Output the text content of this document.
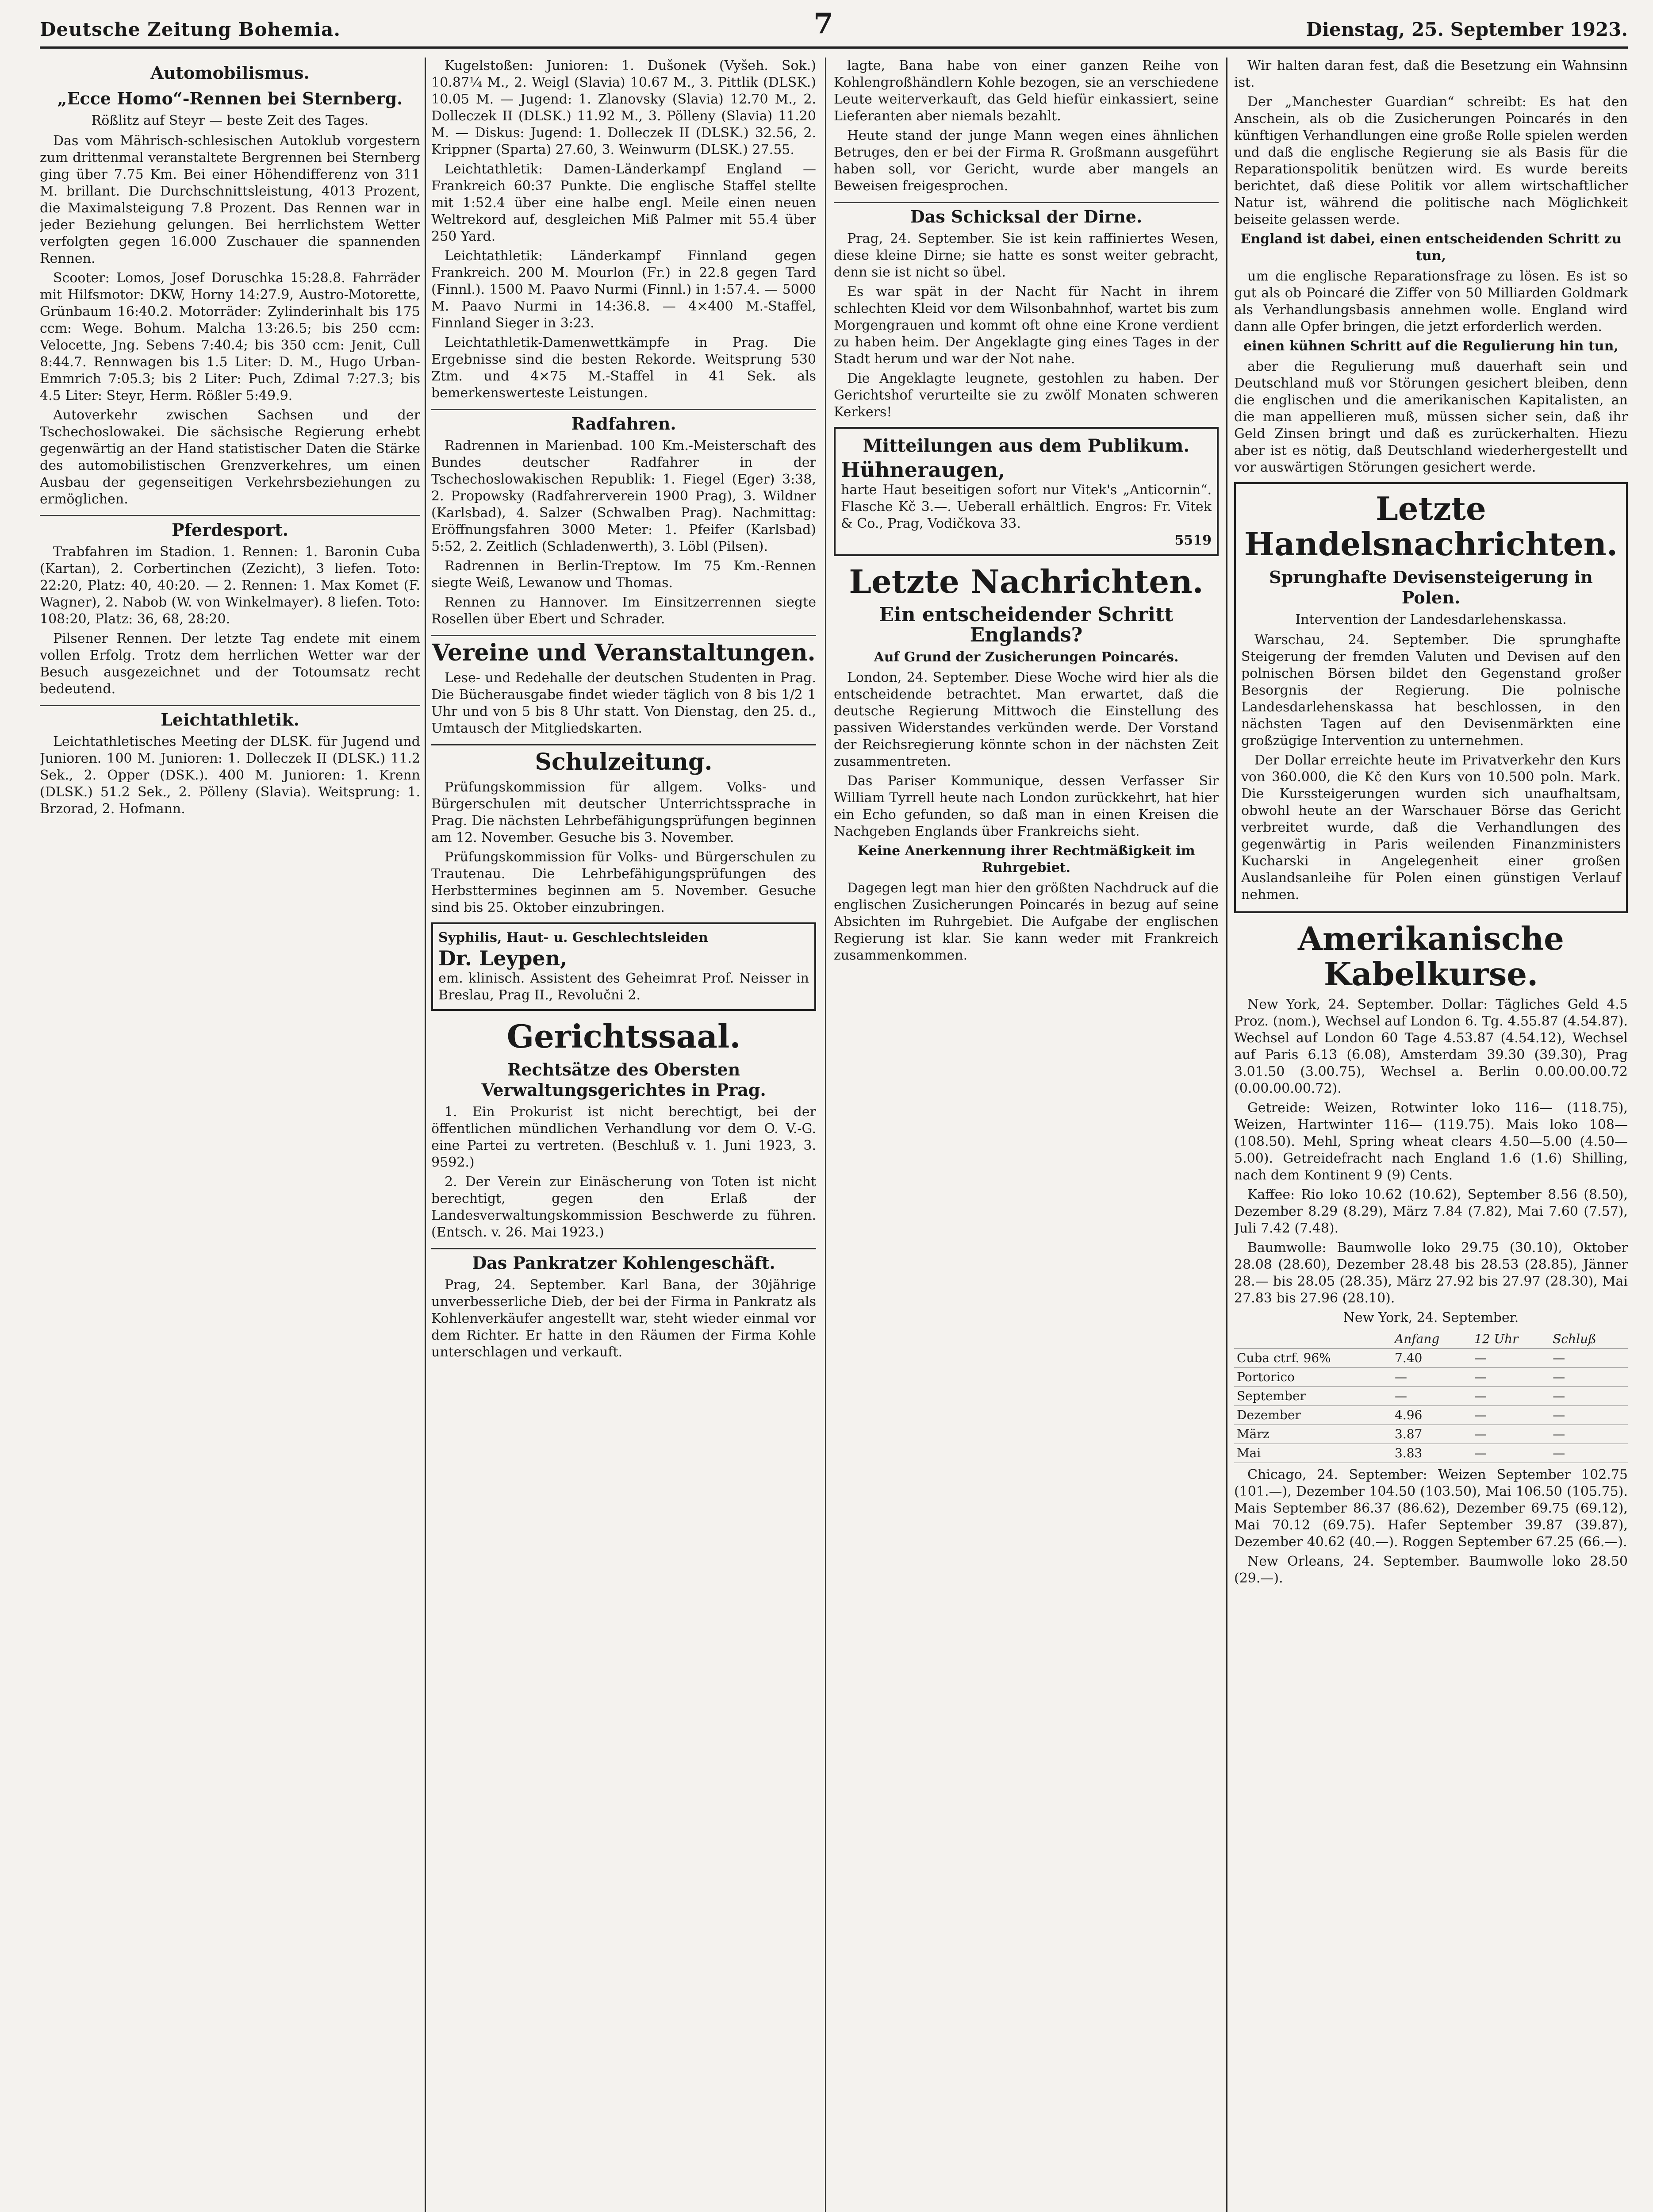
Deutsche Zeitung Bohemia.	7	Dienstag, 25. September 1923.
Automobilismus.
„Ecce Homo“-Rennen bei Sternberg.
Rößlitz auf Steyr — beste Zeit des Tages.

Das vom Mährisch-schlesischen Autoklub vorgestern zum drittenmal veranstaltete Bergrennen bei Sternberg ging über 7.75 Km. Bei einer Höhendifferenz von 311 M. brillant. Die Durchschnittsleistung, 4013 Prozent, die Maximalsteigung 7.8 Prozent. Das Rennen war in jeder Beziehung gelungen. Bei herrlichstem Wetter verfolgten gegen 16.000 Zuschauer die spannenden Rennen.

Scooter: Lomos, Josef Doruschka 15:28.8. Fahrräder mit Hilfsmotor: DKW, Horny 14:27.9, Austro-Motorette, Grünbaum 16:40.2. Motorräder: Zylinderinhalt bis 175 ccm: Wege. Bohum. Malcha 13:26.5; bis 250 ccm: Velocette, Jng. Sebens 7:40.4; bis 350 ccm: Jenit, Cull 8:44.7. Rennwagen bis 1.5 Liter: D. M., Hugo Urban-Emmrich 7:05.3; bis 2 Liter: Puch, Zdimal 7:27.3; bis 4.5 Liter: Steyr, Herm. Rößler 5:49.9.

Autoverkehr zwischen Sachsen und der Tschechoslowakei. Die sächsische Regierung erhebt gegenwärtig an der Hand statistischer Daten die Stärke des automobilistischen Grenzverkehres, um einen Ausbau der gegenseitigen Verkehrsbeziehungen zu ermöglichen.

Pferdesport.

Trabfahren im Stadion. 1. Rennen: 1. Baronin Cuba (Kartan), 2. Corbertinchen (Zezicht), 3 liefen. Toto: 22:20, Platz: 40, 40:20. — 2. Rennen: 1. Max Komet (F. Wagner), 2. Nabob (W. von Winkelmayer). 8 liefen. Toto: 108:20, Platz: 36, 68, 28:20.

Pilsener Rennen. Der letzte Tag endete mit einem vollen Erfolg. Trotz dem herrlichen Wetter war der Besuch ausgezeichnet und der Totoumsatz recht bedeutend.

Leichtathletik.

Leichtathletisches Meeting der DLSK. für Jugend und Junioren. 100 M. Junioren: 1. Dolleczek II (DLSK.) 11.2 Sek., 2. Opper (DSK.). 400 M. Junioren: 1. Krenn (DLSK.) 51.2 Sek., 2. Pölleny (Slavia). Weitsprung: 1. Brzorad, 2. Hofmann.

Kugelstoßen: Junioren: 1. Dušonek (Vyšeh. Sok.) 10.87¼ M., 2. Weigl (Slavia) 10.67 M., 3. Pittlik (DLSK.) 10.05 M. — Jugend: 1. Zlanovsky (Slavia) 12.70 M., 2. Dolleczek II (DLSK.) 11.92 M., 3. Pölleny (Slavia) 11.20 M. — Diskus: Jugend: 1. Dolleczek II (DLSK.) 32.56, 2. Krippner (Sparta) 27.60, 3. Weinwurm (DLSK.) 27.55.

Leichtathletik: Damen-Länderkampf England — Frankreich 60:37 Punkte. Die englische Staffel stellte mit 1:52.4 über eine halbe engl. Meile einen neuen Weltrekord auf, desgleichen Miß Palmer mit 55.4 über 250 Yard.

Leichtathletik: Länderkampf Finnland gegen Frankreich. 200 M. Mourlon (Fr.) in 22.8 gegen Tard (Finnl.). 1500 M. Paavo Nurmi (Finnl.) in 1:57.4. — 5000 M. Paavo Nurmi in 14:36.8. — 4×400 M.-Staffel, Finnland Sieger in 3:23.

Leichtathletik-Damenwettkämpfe in Prag. Die Ergebnisse sind die besten Rekorde. Weitsprung 530 Ztm. und 4×75 M.-Staffel in 41 Sek. als bemerkenswerteste Leistungen.

Radfahren.

Radrennen in Marienbad. 100 Km.-Meisterschaft des Bundes deutscher Radfahrer in der Tschechoslowakischen Republik: 1. Fiegel (Eger) 3:38, 2. Propowsky (Radfahrerverein 1900 Prag), 3. Wildner (Karlsbad), 4. Salzer (Schwalben Prag). Nachmittag: Eröffnungsfahren 3000 Meter: 1. Pfeifer (Karlsbad) 5:52, 2. Zeitlich (Schladenwerth), 3. Löbl (Pilsen).

Radrennen in Berlin-Treptow. Im 75 Km.-Rennen siegte Weiß, Lewanow und Thomas.

Rennen zu Hannover. Im Einsitzerrennen siegte Rosellen über Ebert und Schrader.

Vereine und Veranstaltungen.

Lese- und Redehalle der deutschen Studenten in Prag. Die Bücherausgabe findet wieder täglich von 8 bis 1/2 1 Uhr und von 5 bis 8 Uhr statt. Von Dienstag, den 25. d., Umtausch der Mitgliedskarten.

Schulzeitung.

Prüfungskommission für allgem. Volks- und Bürgerschulen mit deutscher Unterrichtssprache in Prag. Die nächsten Lehrbefähigungsprüfungen beginnen am 12. November. Gesuche bis 3. November.

Prüfungskommission für Volks- und Bürgerschulen zu Trautenau. Die Lehrbefähigungsprüfungen des Herbsttermines beginnen am 5. November. Gesuche sind bis 25. Oktober einzubringen.

Syphilis, Haut- u. Geschlechtsleiden
Dr. Leypen,
em. klinisch. Assistent des Geheimrat Prof. Neisser in Breslau, Prag II., Revolučni 2.
Gerichtssaal.
Rechtsätze des Obersten Verwaltungsgerichtes in Prag.

1. Ein Prokurist ist nicht berechtigt, bei der öffentlichen mündlichen Verhandlung vor dem O. V.-G. eine Partei zu vertreten. (Beschluß v. 1. Juni 1923, 3. 9592.)

2. Der Verein zur Einäscherung von Toten ist nicht berechtigt, gegen den Erlaß der Landesverwaltungskommission Beschwerde zu führen. (Entsch. v. 26. Mai 1923.)

Das Pankratzer Kohlengeschäft.

Prag, 24. September. Karl Bana, der 30jährige unverbesserliche Dieb, der bei der Firma in Pankratz als Kohlenverkäufer angestellt war, steht wieder einmal vor dem Richter. Er hatte in den Räumen der Firma Kohle unterschlagen und verkauft.

lagte, Bana habe von einer ganzen Reihe von Kohlengroßhändlern Kohle bezogen, sie an verschiedene Leute weiterverkauft, das Geld hiefür einkassiert, seine Lieferanten aber niemals bezahlt.

Heute stand der junge Mann wegen eines ähnlichen Betruges, den er bei der Firma R. Großmann ausgeführt haben soll, vor Gericht, wurde aber mangels an Beweisen freigesprochen.

Das Schicksal der Dirne.

Prag, 24. September. Sie ist kein raffiniertes Wesen, diese kleine Dirne; sie hatte es sonst weiter gebracht, denn sie ist nicht so übel.

Es war spät in der Nacht für Nacht in ihrem schlechten Kleid vor dem Wilsonbahnhof, wartet bis zum Morgengrauen und kommt oft ohne eine Krone verdient zu haben heim. Der Angeklagte ging eines Tages in der Stadt herum und war der Not nahe.

Die Angeklagte leugnete, gestohlen zu haben. Der Gerichtshof verurteilte sie zu zwölf Monaten schweren Kerkers!

Mitteilungen aus dem Publikum.
Hühneraugen,
harte Haut beseitigen sofort nur Vitek's „Anticornin“. Flasche Kč 3.—. Ueberall erhältlich. Engros: Fr. Vitek & Co., Prag, Vodičkova 33.
5519
Letzte Nachrichten.
Ein entscheidender Schritt Englands?
Auf Grund der Zusicherungen Poincarés.

London, 24. September. Diese Woche wird hier als die entscheidende betrachtet. Man erwartet, daß die deutsche Regierung Mittwoch die Einstellung des passiven Widerstandes verkünden werde. Der Vorstand der Reichsregierung könnte schon in der nächsten Zeit zusammentreten.

Das Pariser Kommunique, dessen Verfasser Sir William Tyrrell heute nach London zurückkehrt, hat hier ein Echo gefunden, so daß man in einen Kreisen die Nachgeben Englands über Frankreichs sieht.

Keine Anerkennung ihrer Rechtmäßigkeit im Ruhrgebiet.

Dagegen legt man hier den größten Nachdruck auf die englischen Zusicherungen Poincarés in bezug auf seine Absichten im Ruhrgebiet. Die Aufgabe der englischen Regierung ist klar. Sie kann weder mit Frankreich zusammenkommen.

Wir halten daran fest, daß die Besetzung ein Wahnsinn ist.

Der „Manchester Guardian“ schreibt: Es hat den Anschein, als ob die Zusicherungen Poincarés in den künftigen Verhandlungen eine große Rolle spielen werden und daß die englische Regierung sie als Basis für die Reparationspolitik benützen wird. Es wurde bereits berichtet, daß diese Politik vor allem wirtschaftlicher Natur ist, während die politische nach Möglichkeit beiseite gelassen werde.

England ist dabei, einen entscheidenden Schritt zu tun,

um die englische Reparationsfrage zu lösen. Es ist so gut als ob Poincaré die Ziffer von 50 Milliarden Goldmark als Verhandlungsbasis annehmen wolle. England wird dann alle Opfer bringen, die jetzt erforderlich werden.

einen kühnen Schritt auf die Regulierung hin tun,

aber die Regulierung muß dauerhaft sein und Deutschland muß vor Störungen gesichert bleiben, denn die englischen und die amerikanischen Kapitalisten, an die man appellieren muß, müssen sicher sein, daß ihr Geld Zinsen bringt und daß es zurückerhalten. Hiezu aber ist es nötig, daß Deutschland wiederhergestellt und vor auswärtigen Störungen gesichert werde.

Letzte Handelsnachrichten.
Sprunghafte Devisensteigerung in Polen.
Intervention der Landesdarlehenskassa.

Warschau, 24. September. Die sprunghafte Steigerung der fremden Valuten und Devisen auf den polnischen Börsen bildet den Gegenstand großer Besorgnis der Regierung. Die polnische Landesdarlehenskassa hat beschlossen, in den nächsten Tagen auf den Devisenmärkten eine großzügige Intervention zu unternehmen.

Der Dollar erreichte heute im Privatverkehr den Kurs von 360.000, die Kč den Kurs von 10.500 poln. Mark. Die Kurssteigerungen wurden sich unaufhaltsam, obwohl heute an der Warschauer Börse das Gericht verbreitet wurde, daß die Verhandlungen des gegenwärtig in Paris weilenden Finanzministers Kucharski in Angelegenheit einer großen Auslandsanleihe für Polen einen günstigen Verlauf nehmen.

Amerikanische Kabelkurse.

New York, 24. September. Dollar: Tägliches Geld 4.5 Proz. (nom.), Wechsel auf London 6. Tg. 4.55.87 (4.54.87). Wechsel auf London 60 Tage 4.53.87 (4.54.12), Wechsel auf Paris 6.13 (6.08), Amsterdam 39.30 (39.30), Prag 3.01.50 (3.00.75), Wechsel a. Berlin 0.00.00.00.72 (0.00.00.00.72).

Getreide: Weizen, Rotwinter loko 116— (118.75), Weizen, Hartwinter 116— (119.75). Mais loko 108— (108.50). Mehl, Spring wheat clears 4.50—5.00 (4.50—5.00). Getreidefracht nach England 1.6 (1.6) Shilling, nach dem Kontinent 9 (9) Cents.

Kaffee: Rio loko 10.62 (10.62), September 8.56 (8.50), Dezember 8.29 (8.29), März 7.84 (7.82), Mai 7.60 (7.57), Juli 7.42 (7.48).

Baumwolle: Baumwolle loko 29.75 (30.10), Oktober 28.08 (28.60), Dezember 28.48 bis 28.53 (28.85), Jänner 28.— bis 28.05 (28.35), März 27.92 bis 27.97 (28.30), Mai 27.83 bis 27.96 (28.10).

New York, 24. September.
	Anfang	12 Uhr	Schluß
Cuba ctrf. 96%	7.40	—	—
Portorico	—	—	—
September	—	—	—
Dezember	4.96	—	—
März	3.87	—	—
Mai	3.83	—	—

Chicago, 24. September: Weizen September 102.75 (101.—), Dezember 104.50 (103.50), Mai 106.50 (105.75). Mais September 86.37 (86.62), Dezember 69.75 (69.12), Mai 70.12 (69.75). Hafer September 39.87 (39.87), Dezember 40.62 (40.—). Roggen September 67.25 (66.—).

New Orleans, 24. September. Baumwolle loko 28.50 (29.—).
